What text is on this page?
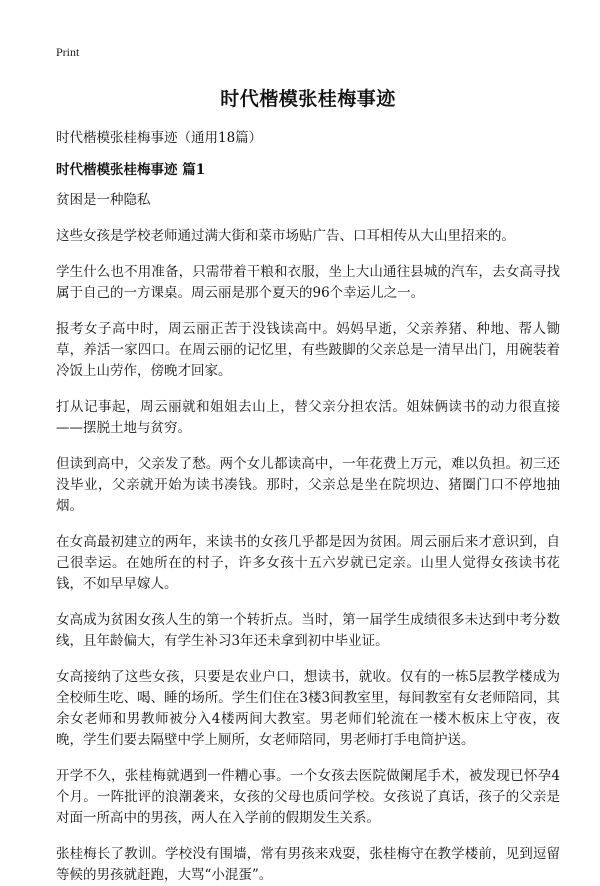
Print
时代楷模张桂梅事迹
时代楷模张桂梅事迹（通用18篇）
时代楷模张桂梅事迹 篇1

贫困是一种隐私

这些女孩是学校老师通过满大街和菜市场贴广告、口耳相传从大山里招来的。

学生什么也不用准备，只需带着干粮和衣服，坐上大山通往县城的汽车，去女高寻找属于自己的一方课桌。周云丽是那个夏天的96个幸运儿之一。

报考女子高中时，周云丽正苦于没钱读高中。妈妈早逝，父亲养猪、种地、帮人锄草，养活一家四口。在周云丽的记忆里，有些跛脚的父亲总是一清早出门，用碗装着冷饭上山劳作，傍晚才回家。

打从记事起，周云丽就和姐姐去山上，替父亲分担农活。姐妹俩读书的动力很直接——摆脱土地与贫穷。

但读到高中，父亲发了愁。两个女儿都读高中，一年花费上万元，难以负担。初三还没毕业，父亲就开始为读书凑钱。那时，父亲总是坐在院坝边、猪圈门口不停地抽烟。

在女高最初建立的两年，来读书的女孩几乎都是因为贫困。周云丽后来才意识到，自己很幸运。在她所在的村子，许多女孩十五六岁就已定亲。山里人觉得女孩读书花钱，不如早早嫁人。

女高成为贫困女孩人生的第一个转折点。当时，第一届学生成绩很多未达到中考分数线，且年龄偏大，有学生补习3年还未拿到初中毕业证。

女高接纳了这些女孩，只要是农业户口，想读书，就收。仅有的一栋5层教学楼成为全校师生吃、喝、睡的场所。学生们住在3楼3间教室里，每间教室有女老师陪同，其余女老师和男教师被分入4楼两间大教室。男老师们轮流在一楼木板床上守夜，夜晚，学生们要去隔壁中学上厕所，女老师陪同，男老师打手电筒护送。

开学不久，张桂梅就遇到一件糟心事。一个女孩去医院做阑尾手术，被发现已怀孕4个月。一阵批评的浪潮袭来，女孩的父母也质问学校。女孩说了真话，孩子的父亲是对面一所高中的男孩，两人在入学前的假期发生关系。

张桂梅长了教训。学校没有围墙，常有男孩来戏耍，张桂梅守在教学楼前，见到逗留等候的男孩就赶跑，大骂“小混蛋”。
